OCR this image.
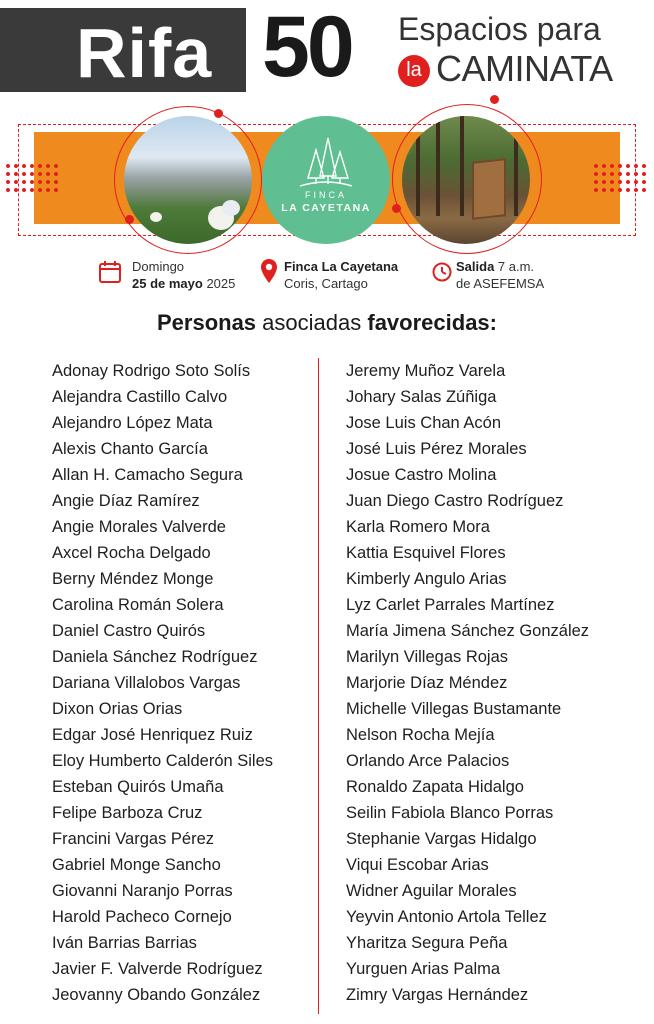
Rifa 50 Espacios para
la CAMINATA
FINCA
LA CAYETANA
Domingo
25 de mayo 2025
Finca La Cayetana
Coris, Cartago
Salida 7 a.m.
de ASEFEMSA
Personas asociadas favorecidas:
Adonay Rodrigo Soto Solís
Alejandra Castillo Calvo
Alejandro López Mata
Alexis Chanto García
Allan H. Camacho Segura
Angie Díaz Ramírez
Angie Morales Valverde
Axcel Rocha Delgado
Berny Méndez Monge
Carolina Román Solera
Daniel Castro Quirós
Daniela Sánchez Rodríguez
Dariana Villalobos Vargas
Dixon Orias Orias
Edgar José Henriquez Ruiz
Eloy Humberto Calderón Siles
Esteban Quirós Umaña
Felipe Barboza Cruz
Francini Vargas Pérez
Gabriel Monge Sancho
Giovanni Naranjo Porras
Harold Pacheco Cornejo
Iván Barrias Barrias
Javier F. Valverde Rodríguez
Jeovanny Obando González
Jeremy Muñoz Varela
Johary Salas Zúñiga
Jose Luis Chan Acón
José Luis Pérez Morales
Josue Castro Molina
Juan Diego Castro Rodríguez
Karla Romero Mora
Kattia Esquivel Flores
Kimberly Angulo Arias
Lyz Carlet Parrales Martínez
María Jimena Sánchez González
Marilyn Villegas Rojas
Marjorie Díaz Méndez
Michelle Villegas Bustamante
Nelson Rocha Mejía
Orlando Arce Palacios
Ronaldo Zapata Hidalgo
Seilin Fabiola Blanco Porras
Stephanie Vargas Hidalgo
Viqui Escobar Arias
Widner Aguilar Morales
Yeyvin Antonio Artola Tellez
Yharitza Segura Peña
Yurguen Arias Palma
Zimry Vargas Hernández
